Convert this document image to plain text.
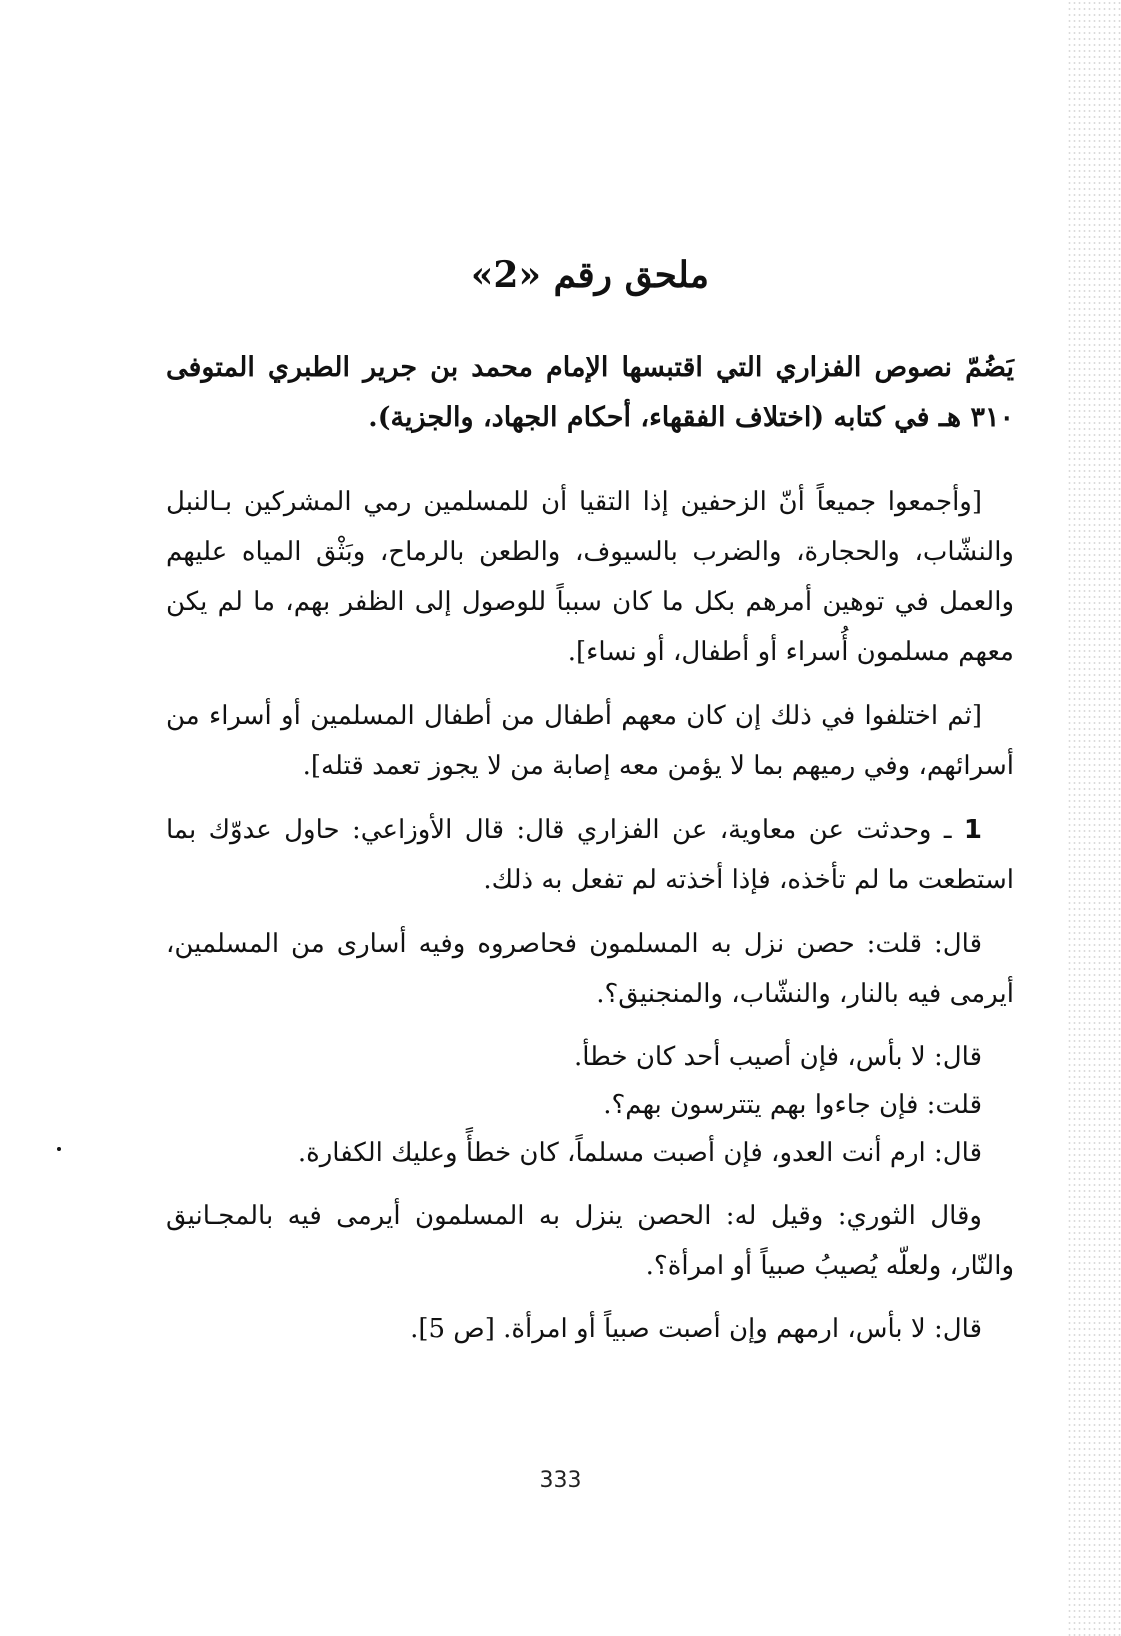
ملحق رقم «2»

يَضُمّ نصوص الفزاري التي اقتبسها الإمام محمد بن جرير الطبري المتوفى ٣١٠ هـ في كتابه (اختلاف الفقهاء، أحكام الجهاد، والجزية).

[وأجمعوا جميعاً أنّ الزحفين إذا التقيا أن للمسلمين رمي المشركين بـالنبل والنشّاب، والحجارة، والضرب بالسيوف، والطعن بالرماح، وبَثْق المياه عليهم والعمل في توهين أمرهم بكل ما كان سبباً للوصول إلى الظفر بهم، ما لم يكن معهم مسلمون أُسراء أو أطفال، أو نساء].

[ثم اختلفوا في ذلك إن كان معهم أطفال من أطفال المسلمين أو أسراء من أسرائهم، وفي رميهم بما لا يؤمن معه إصابة من لا يجوز تعمد قتله].

1 ـ وحدثت عن معاوية، عن الفزاري قال: قال الأوزاعي: حاول عدوّك بما استطعت ما لم تأخذه، فإذا أخذته لم تفعل به ذلك.

قال: قلت: حصن نزل به المسلمون فحاصروه وفيه أسارى من المسلمين، أيرمى فيه بالنار، والنشّاب، والمنجنيق؟.

قال: لا بأس، فإن أصيب أحد كان خطأ.
قلت: فإن جاءوا بهم يتترسون بهم؟.
قال: ارم أنت العدو، فإن أصبت مسلماً، كان خطأً وعليك الكفارة.

وقال الثوري: وقيل له: الحصن ينزل به المسلمون أيرمى فيه بالمجـانيق والنّار، ولعلّه يُصيبُ صبياً أو امرأة؟.

قال: لا بأس، ارمهم وإن أصبت صبياً أو امرأة. [ص 5].
333
